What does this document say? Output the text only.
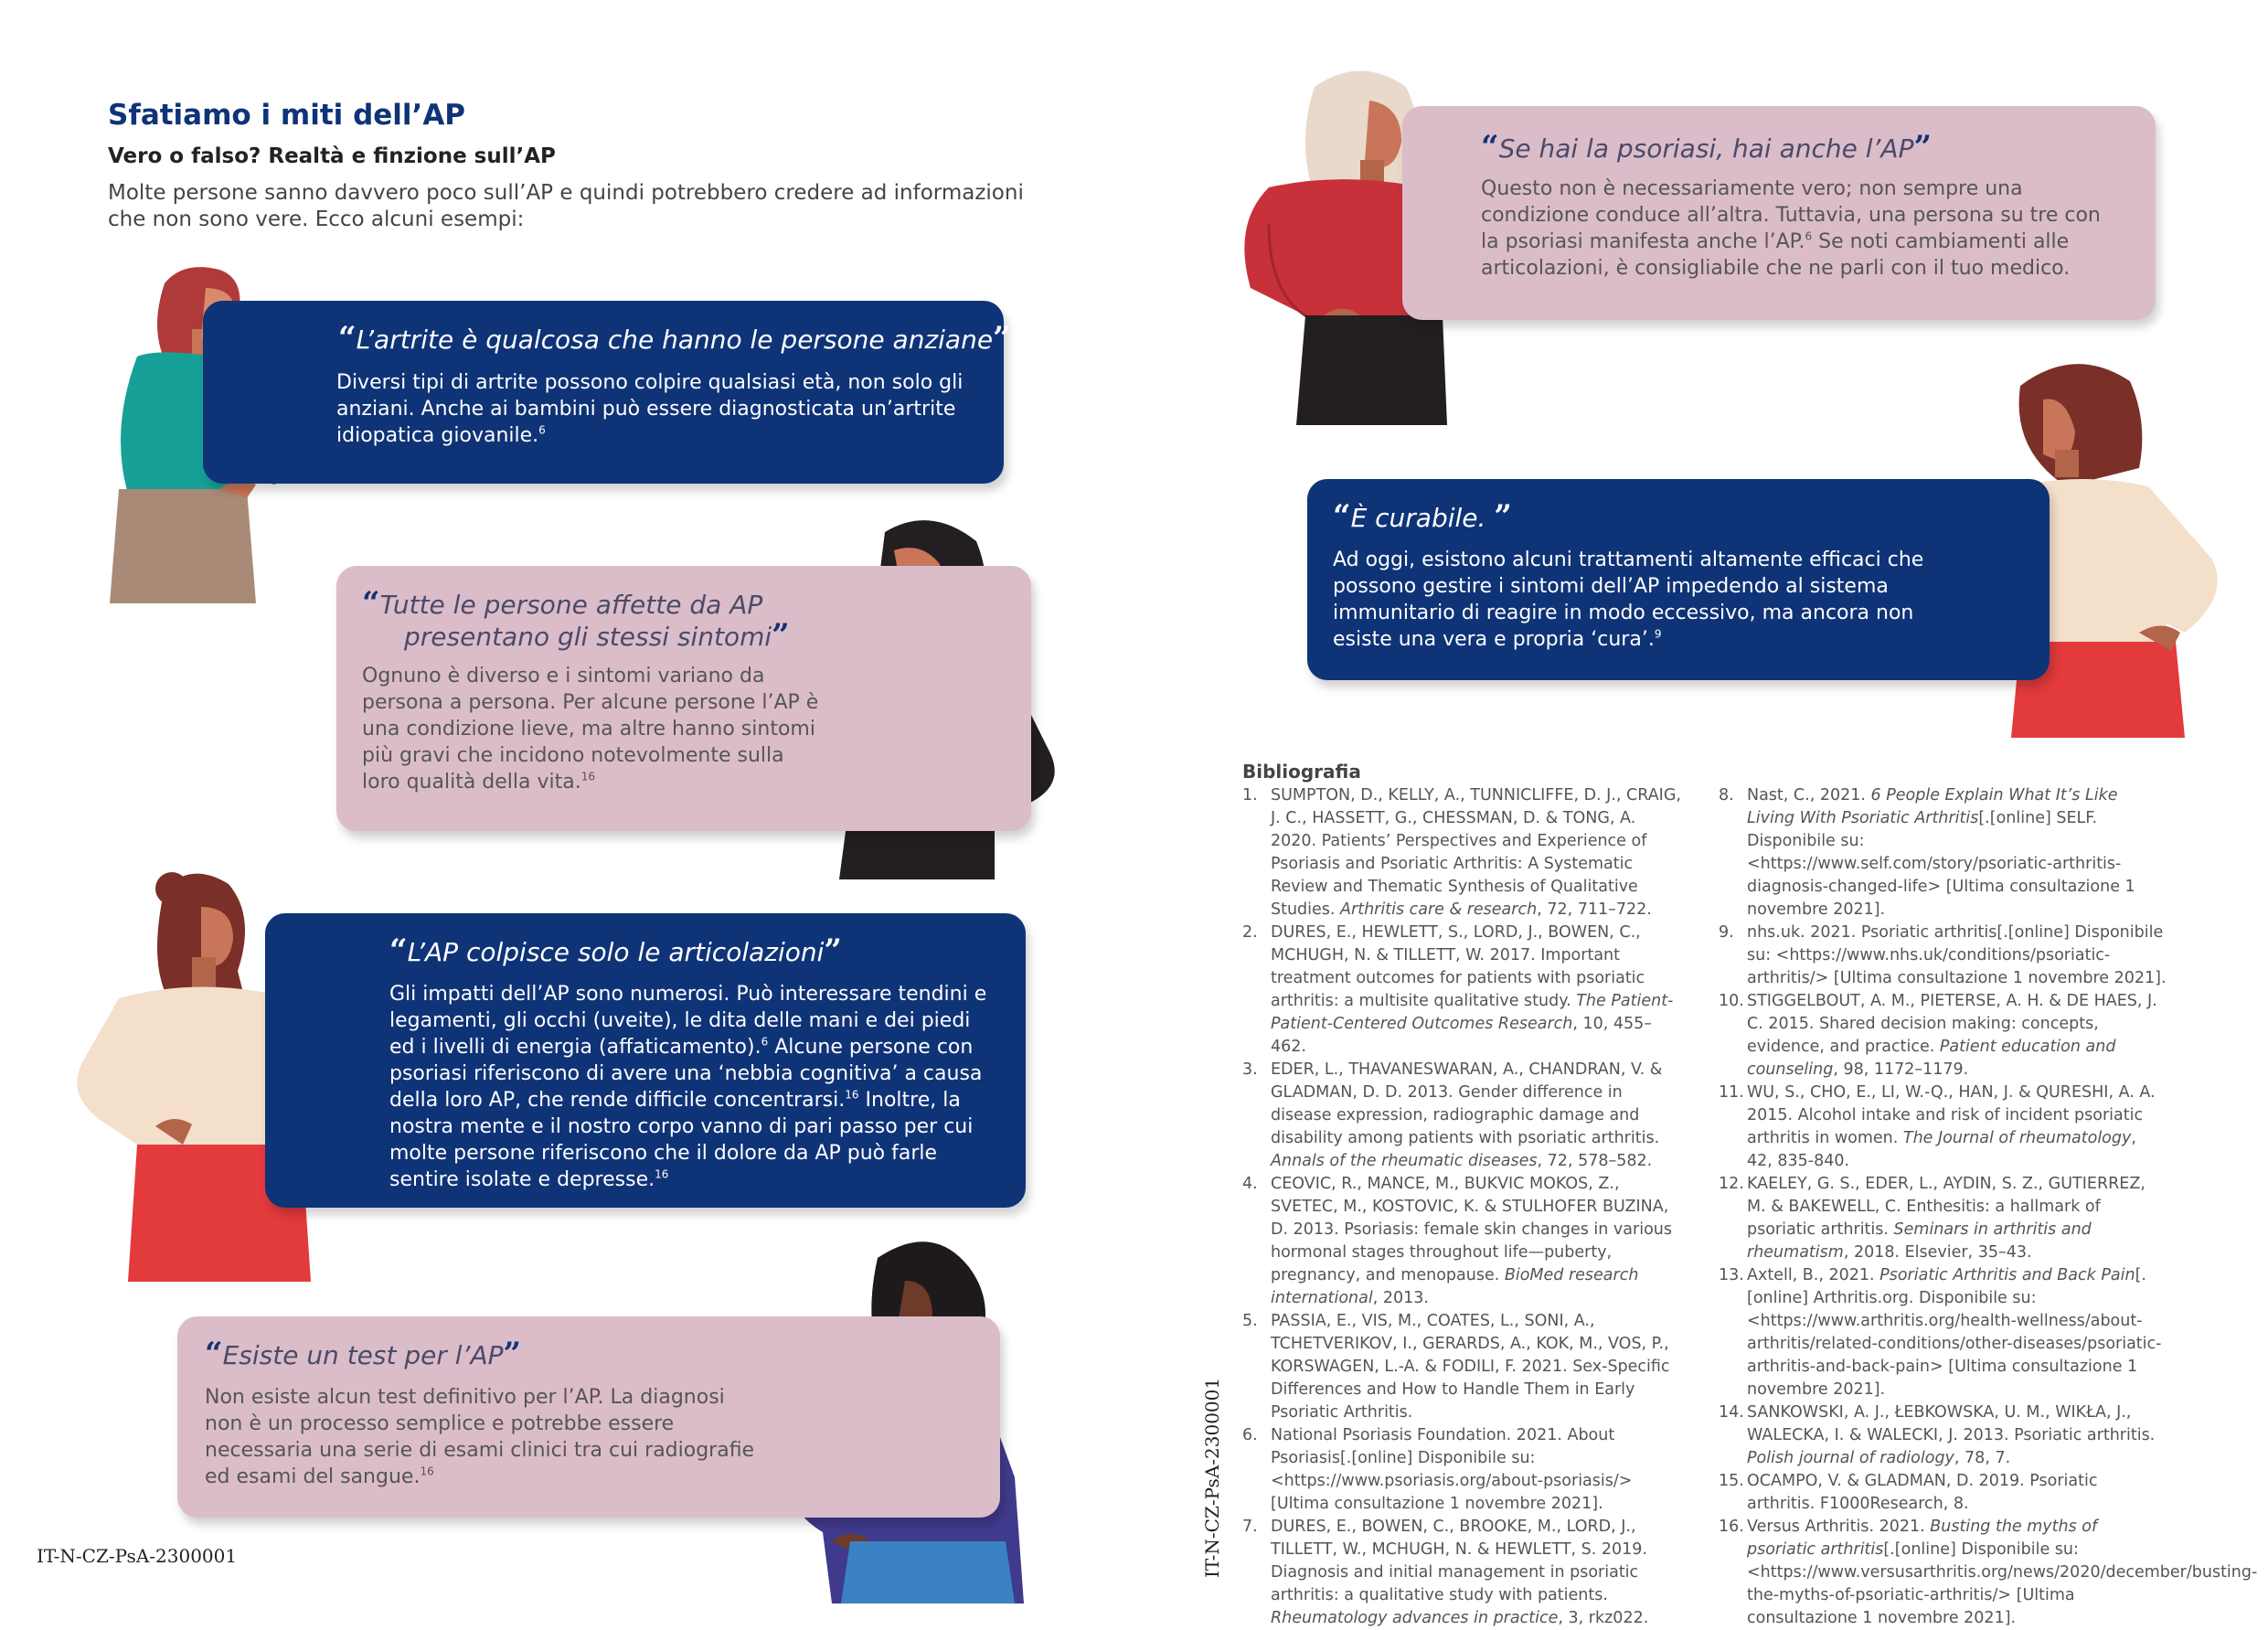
Sfatiamo i miti dell’AP
Vero o falso? Realtà e finzione sull’AP

Molte persone sanno davvero poco sull’AP e quindi potrebbero credere ad informazioni che non sono vere. Ecco alcuni esempi:

“L’artrite è qualcosa che hanno le persone anziane”

Diversi tipi di artrite possono colpire qualsiasi età, non solo gli anziani. Anche ai bambini può essere diagnosticata un’artrite idiopatica giovanile.$^6$

“Tutte le persone affette da AP

presentano gli stessi sintomi”

Ognuno è diverso e i sintomi variano da persona a persona. Per alcune persone l’AP è una condizione lieve, ma altre hanno sintomi più gravi che incidono notevolmente sulla loro qualità della vita.$^{16}$

“L’AP colpisce solo le articolazioni”

Gli impatti dell’AP sono numerosi. Può interessare tendini e legamenti, gli occhi (uveite), le dita delle mani e dei piedi ed i livelli di energia (affaticamento).$^6$ Alcune persone con psoriasi riferiscono di avere una ‘nebbia cognitiva’ a causa della loro AP, che rende difficile concentrarsi.$^{16}$ Inoltre, la nostra mente e il nostro corpo vanno di pari passo per cui molte persone riferiscono che il dolore da AP può farle sentire isolate e depresse.$^{16}$

“Esiste un test per l’AP”

Non esiste alcun test definitivo per l’AP. La diagnosi non è un processo semplice e potrebbe essere necessaria una serie di esami clinici tra cui radiografie ed esami del sangue.$^{16}$

IT-N-CZ-PsA-2300001

“Se hai la psoriasi, hai anche l’AP”

Questo non è necessariamente vero; non sempre una condizione conduce all’altra. Tuttavia, una persona su tre con la psoriasi manifesta anche l’AP.$^6$ Se noti cambiamenti alle articolazioni, è consigliabile che ne parli con il tuo medico.

“È curabile. ”

Ad oggi, esistono alcuni trattamenti altamente efficaci che possono gestire i sintomi dell’AP impedendo al sistema immunitario di reagire in modo eccessivo, ma ancora non esiste una vera e propria ‘cura’.$^9$

IT-N-CZ-PsA-2300001

Bibliografia
1. SUMPTON, D., KELLY, A., TUNNICLIFFE, D. J., CRAIG, J. C., HASSETT, G., CHESSMAN, D. & TONG, A. 2020. Patients’ Perspectives and Experience of Psoriasis and Psoriatic Arthritis: A Systematic Review and Thematic Synthesis of Qualitative Studies. Arthritis care & research, 72, 711–722.
2. DURES, E., HEWLETT, S., LORD, J., BOWEN, C., MCHUGH, N. & TILLETT, W. 2017. Important treatment outcomes for patients with psoriatic arthritis: a multisite qualitative study. The Patient-Patient-Centered Outcomes Research, 10, 455–462.
3. EDER, L., THAVANESWARAN, A., CHANDRAN, V. & GLADMAN, D. D. 2013. Gender difference in disease expression, radiographic damage and disability among patients with psoriatic arthritis. Annals of the rheumatic diseases, 72, 578–582.
4. CEOVIC, R., MANCE, M., BUKVIC MOKOS, Z., SVETEC, M., KOSTOVIC, K. & STULHOFER BUZINA, D. 2013. Psoriasis: female skin changes in various hormonal stages throughout life—puberty, pregnancy, and menopause. BioMed research international, 2013.
5. PASSIA, E., VIS, M., COATES, L., SONI, A., TCHETVERIKOV, I., GERARDS, A., KOK, M., VOS, P., KORSWAGEN, L.-A. & FODILI, F. 2021. Sex-Specific Differences and How to Handle Them in Early Psoriatic Arthritis.
6. National Psoriasis Foundation. 2021. About Psoriasis[.[online] Disponibile su: <https://www.psoriasis.org/about-psoriasis/> [Ultima consultazione 1 novembre 2021].
7. DURES, E., BOWEN, C., BROOKE, M., LORD, J., TILLETT, W., MCHUGH, N. & HEWLETT, S. 2019. Diagnosis and initial management in psoriatic arthritis: a qualitative study with patients. Rheumatology advances in practice, 3, rkz022.
8. Nast, C., 2021. 6 People Explain What It’s Like Living With Psoriatic Arthritis[.[online] SELF. Disponibile su: <https://www.self.com/story/psoriatic-arthritis-diagnosis-changed-life> [Ultima consultazione 1 novembre 2021].
9. nhs.uk. 2021. Psoriatic arthritis[.[online] Disponibile su: <https://www.nhs.uk/conditions/psoriatic-arthritis/> [Ultima consultazione 1 novembre 2021].
10. STIGGELBOUT, A. M., PIETERSE, A. H. & DE HAES, J. C. 2015. Shared decision making: concepts, evidence, and practice. Patient education and counseling, 98, 1172–1179.
11. WU, S., CHO, E., LI, W.-Q., HAN, J. & QURESHI, A. A. 2015. Alcohol intake and risk of incident psoriatic arthritis in women. The Journal of rheumatology, 42, 835-840.
12. KAELEY, G. S., EDER, L., AYDIN, S. Z., GUTIERREZ, M. & BAKEWELL, C. Enthesitis: a hallmark of psoriatic arthritis. Seminars in arthritis and rheumatism, 2018. Elsevier, 35–43.
13. Axtell, B., 2021. Psoriatic Arthritis and Back Pain[.[online] Arthritis.org. Disponibile su: <https://www.arthritis.org/health-wellness/about-arthritis/related-conditions/other-diseases/psoriatic-arthritis-and-back-pain> [Ultima consultazione 1 novembre 2021].
14. SANKOWSKI, A. J., ŁEBKOWSKA, U. M., WIKŁA, J., WALECKA, I. & WALECKI, J. 2013. Psoriatic arthritis. Polish journal of radiology, 78, 7.
15. OCAMPO, V. & GLADMAN, D. 2019. Psoriatic arthritis. F1000Research, 8.
16. Versus Arthritis. 2021. Busting the myths of psoriatic arthritis[.[online] Disponibile su: <https://www.versusarthritis.org/news/2020/december/busting-the-myths-of-psoriatic-arthritis/> [Ultima consultazione 1 novembre 2021].
